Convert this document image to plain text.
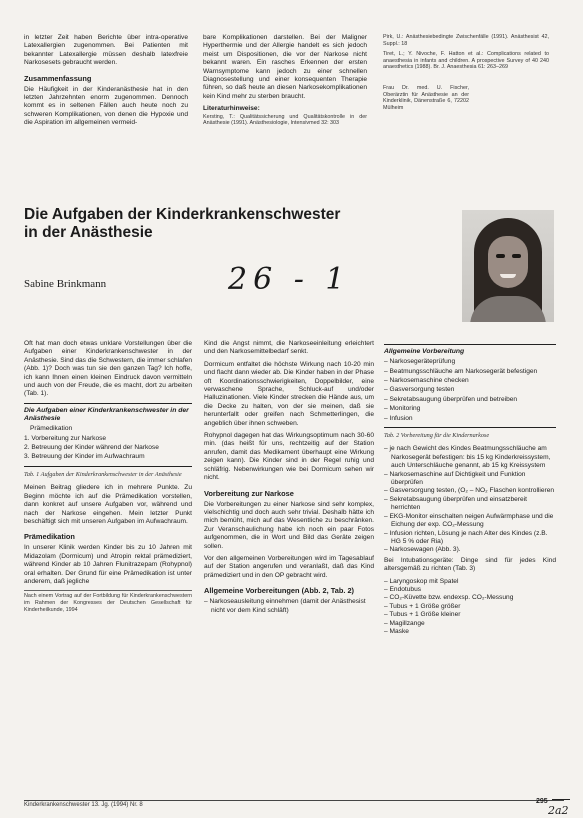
in letzter Zeit haben Berichte über intra-operative Latexallergien zugenommen. Bei Patienten mit bekannter Latexallergie müssen deshalb latexfreie Narkosesets gebraucht werden.

Zusammenfassung

Die Häufigkeit in der Kinderanästhesie hat in den letzten Jahrzehnten enorm zugenommen. Dennoch kommt es in seltenen Fällen auch heute noch zu schweren Komplikationen, von denen die Hypoxie und die Aspiration im allgemeinen vermeid-

bare Komplikationen darstellen. Bei der Maligner Hyperthermie und der Allergie handelt es sich jedoch meist um Dispositionen, die vor der Narkose nicht bekannt waren. Ein rasches Erkennen der ersten Warnsymptome kann jedoch zu einer schnellen Diagnosestellung und einer konsequenten Therapie führen, so daß heute an diesen Narkosekomplikationen kein Kind mehr zu sterben braucht.

Literaturhinweise:

Kersting, T.: Qualitätssicherung und Qualitätskontrolle in der Anästhesie (1991). Anästhesiologie, Intensivmed 32: 303

Pirk, U.: Anästhesiebedingte Zwischenfälle (1991). Anästhesist 42, Suppl.: 18

Tiret, L.; Y. Nivoche, F. Hatton et al.: Complications related to anaesthesia in infants and children. A prospective Survey of 40 240 anaesthetics (1988). Br. J. Anaesthesia 61: 263–269

Frau Dr. med. U. Fischer, Oberärztin für Anästhesie an der Kinderklinik, Dänenstraße 6, 72202 Mülheim

Die Aufgaben der Kinderkrankenschwester
in der Anästhesie
Sabine Brinkmann	26 - 1

Oft hat man doch etwas unklare Vorstellungen über die Aufgaben einer Kinderkrankenschwester in der Anästhesie. Sind das die Schwestern, die immer schlafen (Abb. 1)? Doch was tun sie den ganzen Tag? Ich hoffe, ich kann Ihnen einen kleinen Eindruck davon vermitteln und auch von der Freude, die es macht, dort zu arbeiten (Tab. 1).

Die Aufgaben einer Kinderkrankenschwester in der Anästhesie
Prämedikation
1. Vorbereitung zur Narkose
2. Betreuung der Kinder während der Narkose
3. Betreuung der Kinder im Aufwachraum
Tab. 1 Aufgaben der Kinderkrankenschwester in der Anästhesie

Meinen Beitrag gliedere ich in mehrere Punkte. Zu Beginn möchte ich auf die Prämedikation vorstellen, dann konkret auf unsere Aufgaben vor, während und nach der Narkose eingehen. Mein letzter Punkt beschäftigt sich mit unseren Aufgaben im Aufwachraum.

Prämedikation

In unserer Klinik werden Kinder bis zu 10 Jahren mit Midazolam (Dormicum) und Atropin rektal prämediziert, während Kinder ab 10 Jahren Flunitrazepam (Rohypnol) oral erhalten. Der Grund für eine Prämedikation ist unter anderem, daß jegliche

Nach einem Vortrag auf der Fortbildung für Kinderkrankenschwestern im Rahmen der Kongresses der Deutschen Gesellschaft für Kinderheilkunde, 1994

Kind die Angst nimmt, die Narkoseeinleitung erleichtert und den Narkosemittelbedarf senkt.

Dormicum entfaltet die höchste Wirkung nach 10-20 min und flacht dann wieder ab. Die Kinder haben in der Phase oft Koordinationsschwierigkeiten, Doppelbilder, eine verwaschene Sprache, Schluck-auf und/oder Halluzinationen. Viele Kinder strecken die Hände aus, um die Decke zu halten, von der sie meinen, daß sie herunterfallt oder greifen nach Schmetterlingen, die angeblich über ihnen schweben.

Rohypnol dagegen hat das Wirkungsoptimum nach 30-60 min. (das heißt für uns, rechtzeitig auf der Station anrufen, damit das Medikament überhaupt eine Wirkung zeigen kann). Die Kinder sind in der Regel ruhig und schläfrig. Nebenwirkungen wie bei Dormicum sehen wir nicht.

Vorbereitung zur Narkose

Die Vorbereitungen zu einer Narkose sind sehr komplex, vielschichtig und doch auch sehr trivial. Deshalb hätte ich mich bemüht, mich auf das Wesentliche zu beschränken. Zur Veranschaulichung habe ich noch ein paar Fotos aufgenommen, die in Wort und Bild das Geräte zeigen sollen.

Vor den allgemeinen Vorbereitungen wird im Tagesablauf auf der Station angerufen und veranlaßt, daß das Kind prämediziert und in den OP gebracht wird.

Allgemeine Vorbereitungen (Abb. 2, Tab. 2)
– Narkoseausleitung einnehmen (damit der Anästhesist nicht vor dem Kind schläft)
Allgemeine Vorbereitung
– Narkosegeräteprüfung
– Beatmungsschläuche am Narkosegerät befestigen
– Narkosemaschine checken
– Gasversorgung testen
– Sekretabsaugung überprüfen und betreiben
– Monitoring
– Infusion
Tab. 2 Vorbereitung für die Kindernarkose
– je nach Gewicht des Kindes Beatmungsschläuche am Narkosegerät befestigen: bis 15 kg Kinderkreissystem, auch Unterschläuche genannt, ab 15 kg Kreissystem
– Narkosemaschine auf Dichtigkeit und Funktion überprüfen
– Gasversorgung testen, (O₂ – NO₂ Flaschen kontrollieren
– Sekretabsaugung überprüfen und einsatzbereit herrichten
– EKG-Monitor einschalten neigen Aufwärmphase und die Eichung der exp. CO₂-Messung
– Infusion richten, Lösung je nach Alter des Kindes (z.B. HG 5 % oder Ria)
– Narkosewagen (Abb. 3).

Bei Intubationsgeräte: Dinge sind für jedes Kind altersgemäß zu richten (Tab. 3)

– Laryngoskop mit Spatel
– Endotubus
– CO₂-Küvette bzw. endexsp. CO₂-Messung
– Tubus + 1 Größe größer
– Tubus + 1 Größe kleiner
– Magillzange
– Maske
Kinderkrankenschwester 13. Jg. (1994) Nr. 8	295
2a2
